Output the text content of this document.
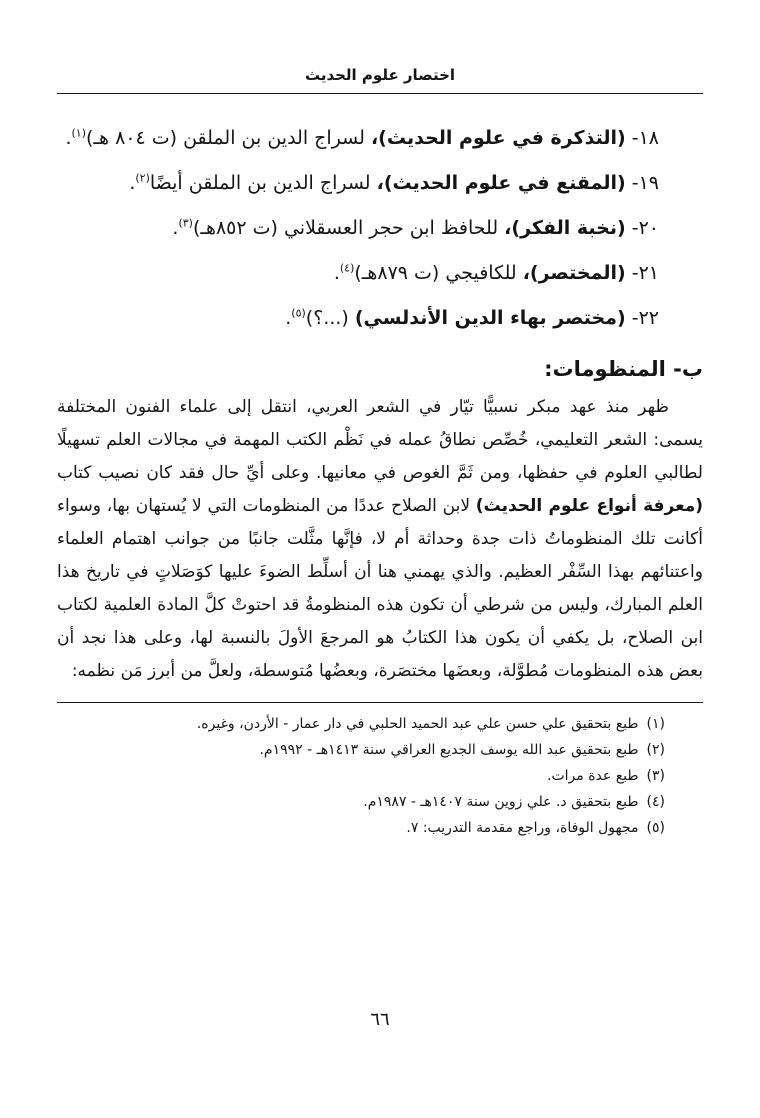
اختصار علوم الحديث
١٨- (التذكرة في علوم الحديث)، لسراج الدين بن الملقن (ت ٨٠٤ هـ)$^{(١)}$.
١٩- (المقنع في علوم الحديث)، لسراج الدين بن الملقن أيضًا$^{(٢)}$.
٢٠- (نخبة الفكر)، للحافظ ابن حجر العسقلاني (ت ٨٥٢هـ)$^{(٣)}$.
٢١- (المختصر)، للكافيجي (ت ٨٧٩هـ)$^{(٤)}$.
٢٢- (مختصر بهاء الدين الأندلسي) (...؟)$^{(٥)}$.
ب- المنظومات:

ظهر منذ عهد مبكر نسبيًّا تيّار في الشعر العربي، انتقل إلى علماء الفنون المختلفة يسمى: الشعر التعليمي، خُصِّص نطاقُ عمله في نَظْم الكتب المهمة في مجالات العلم تسهيلًا لطالبي العلوم في حفظها، ومن ثَمَّ الغوص في معانيها. وعلى أيِّ حال فقد كان نصيب كتاب (معرفة أنواع علوم الحديث) لابن الصلاح عددًا من المنظومات التي لا يُستهان بها، وسواء أكانت تلك المنظوماتُ ذات جدة وحداثة أم لا، فإنَّها مثَّلت جانبًا من جوانب اهتمام العلماء واعتنائهم بهذا السِّفْر العظيم. والذي يهمني هنا أن أسلِّط الضوءَ عليها كوَصَلاتٍ في تاريخ هذا العلم المبارك، وليس من شرطي أن تكون هذه المنظومةُ قد احتوتْ كلَّ المادة العلمية لكتاب ابن الصلاح، بل يكفي أن يكون هذا الكتابُ هو المرجعَ الأولَ بالنسبة لها، وعلى هذا نجد أن بعض هذه المنظومات مُطوَّلة، وبعضَها مختصَرة، وبعضُها مُتوسطة، ولعلَّ من أبرز مَن نظمه:

(١)
طبع بتحقيق علي حسن علي عبد الحميد الحلبي في دار عمار - الأردن، وغيره.
(٢)
طبع بتحقيق عبد الله يوسف الجديع العراقي سنة ١٤١٣هـ - ١٩٩٢م.
(٣)
طبع عدة مرات.
(٤)
طبع بتحقيق د. علي زوين سنة ١٤٠٧هـ - ١٩٨٧م.
(٥)
مجهول الوفاة، وراجع مقدمة التدريب: ٧.
٦٦
